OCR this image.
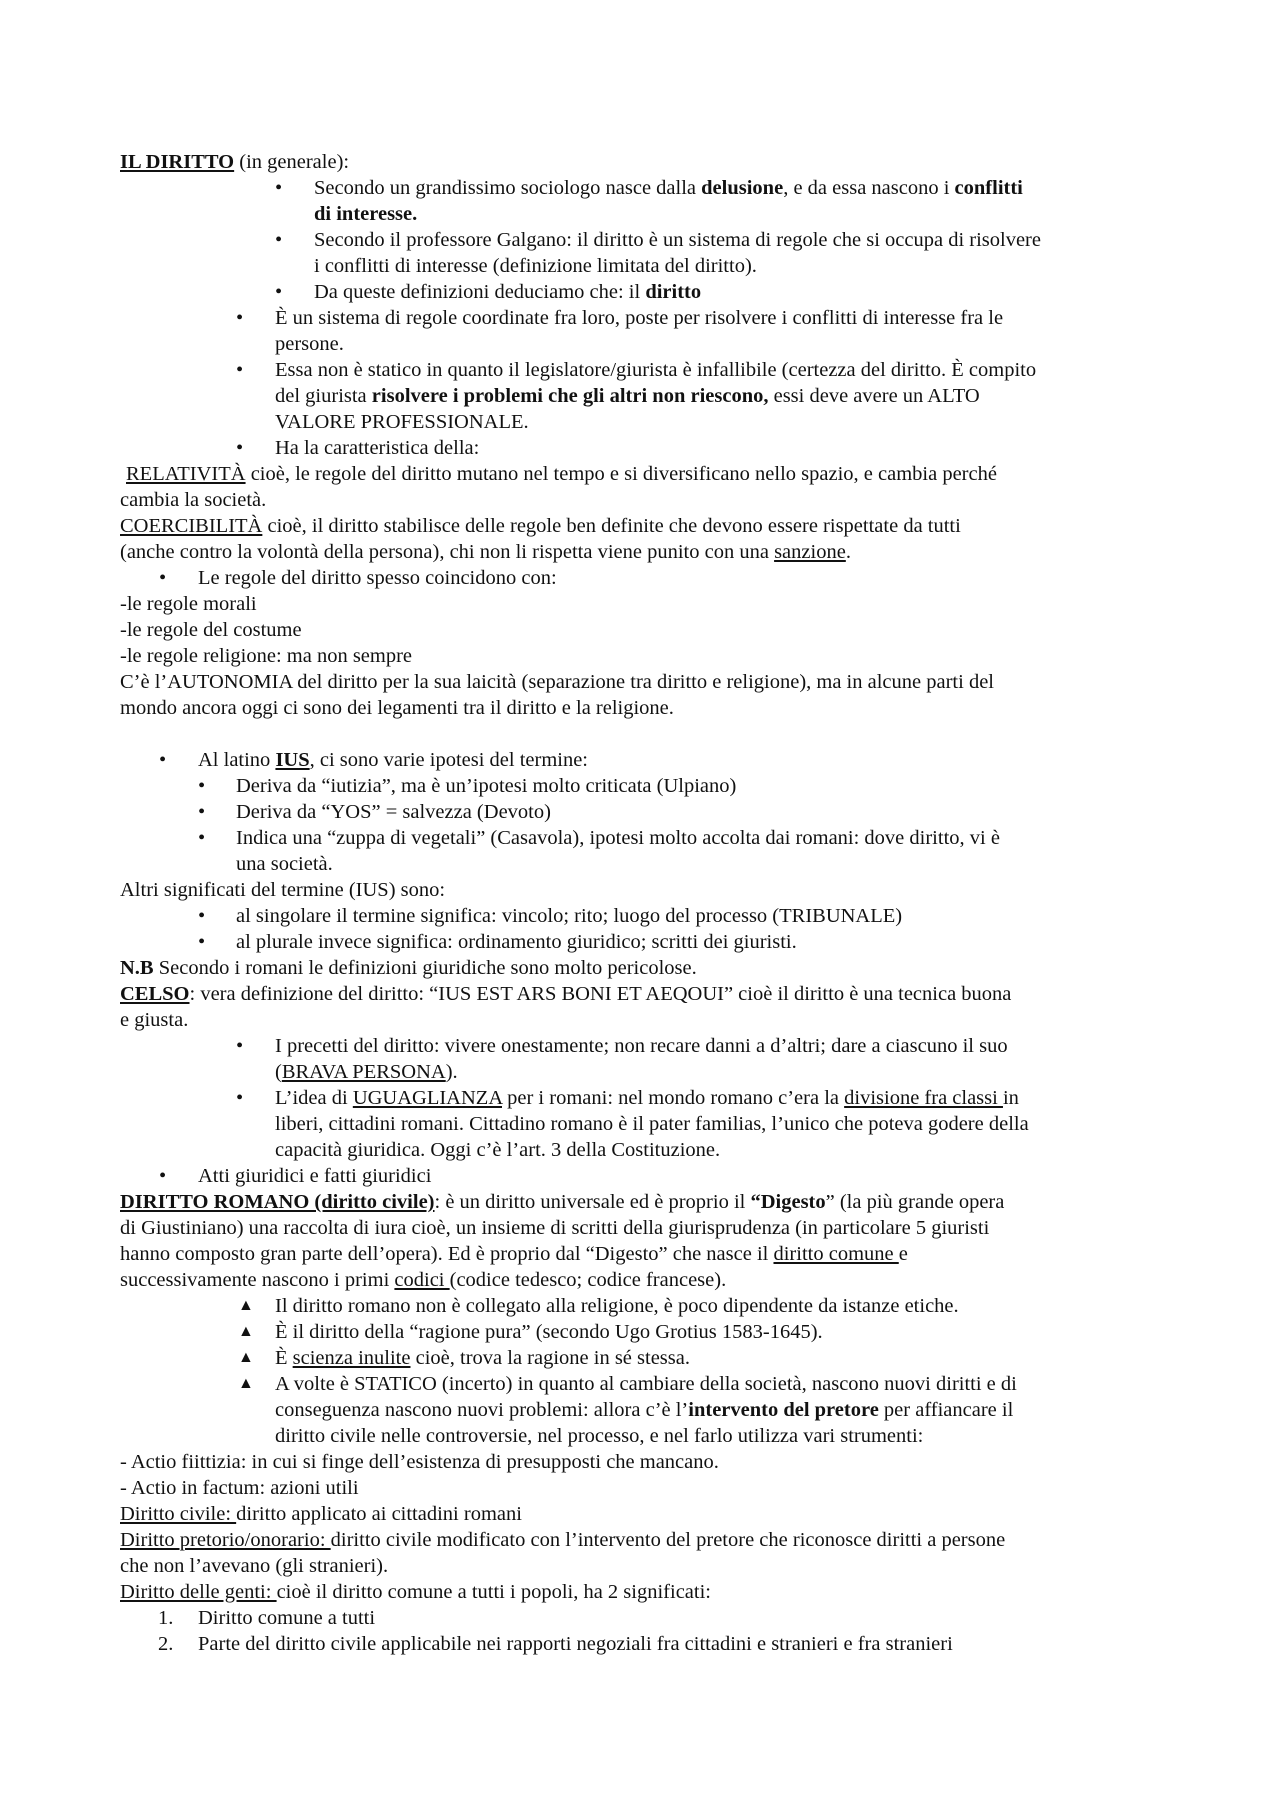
IL DIRITTO (in generale):
• Secondo un grandissimo sociologo nasce dalla delusione, e da essa nascono i conflitti
di interesse.
• Secondo il professore Galgano: il diritto è un sistema di regole che si occupa di risolvere
i conflitti di interesse (definizione limitata del diritto).
• Da queste definizioni deduciamo che: il diritto
• È un sistema di regole coordinate fra loro, poste per risolvere i conflitti di interesse fra le
persone.
• Essa non è statico in quanto il legislatore/giurista è infallibile (certezza del diritto. È compito
del giurista risolvere i problemi che gli altri non riescono, essi deve avere un ALTO
VALORE PROFESSIONALE.
• Ha la caratteristica della:
RELATIVITÀ cioè, le regole del diritto mutano nel tempo e si diversificano nello spazio, e cambia perché
cambia la società.
COERCIBILITÀ cioè, il diritto stabilisce delle regole ben definite che devono essere rispettate da tutti
(anche contro la volontà della persona), chi non li rispetta viene punito con una sanzione.
• Le regole del diritto spesso coincidono con:
-le regole morali
-le regole del costume
-le regole religione: ma non sempre
C’è l’AUTONOMIA del diritto per la sua laicità (separazione tra diritto e religione), ma in alcune parti del
mondo ancora oggi ci sono dei legamenti tra il diritto e la religione.
• Al latino IUS, ci sono varie ipotesi del termine:
• Deriva da “iutizia”, ma è un’ipotesi molto criticata (Ulpiano)
• Deriva da “YOS” = salvezza (Devoto)
• Indica una “zuppa di vegetali” (Casavola), ipotesi molto accolta dai romani: dove diritto, vi è
una società.
Altri significati del termine (IUS) sono:
• al singolare il termine significa: vincolo; rito; luogo del processo (TRIBUNALE)
• al plurale invece significa: ordinamento giuridico; scritti dei giuristi.
N.B Secondo i romani le definizioni giuridiche sono molto pericolose.
CELSO: vera definizione del diritto: “IUS EST ARS BONI ET AEQOUI” cioè il diritto è una tecnica buona
e giusta.
• I precetti del diritto: vivere onestamente; non recare danni a d’altri; dare a ciascuno il suo
(BRAVA PERSONA).
• L’idea di UGUAGLIANZA per i romani: nel mondo romano c’era la divisione fra classi in
liberi, cittadini romani. Cittadino romano è il pater familias, l’unico che poteva godere della
capacità giuridica. Oggi c’è l’art. 3 della Costituzione.
• Atti giuridici e fatti giuridici
DIRITTO ROMANO (diritto civile): è un diritto universale ed è proprio il “Digesto” (la più grande opera
di Giustiniano) una raccolta di iura cioè, un insieme di scritti della giurisprudenza (in particolare 5 giuristi
hanno composto gran parte dell’opera). Ed è proprio dal “Digesto” che nasce il diritto comune e
successivamente nascono i primi codici (codice tedesco; codice francese).
▲ Il diritto romano non è collegato alla religione, è poco dipendente da istanze etiche.
▲ È il diritto della “ragione pura” (secondo Ugo Grotius 1583-1645).
▲ È scienza inulite cioè, trova la ragione in sé stessa.
▲ A volte è STATICO (incerto) in quanto al cambiare della società, nascono nuovi diritti e di
conseguenza nascono nuovi problemi: allora c’è l’intervento del pretore per affiancare il
diritto civile nelle controversie, nel processo, e nel farlo utilizza vari strumenti:
- Actio fiittizia: in cui si finge dell’esistenza di presupposti che mancano.
- Actio in factum: azioni utili
Diritto civile: diritto applicato ai cittadini romani
Diritto pretorio/onorario: diritto civile modificato con l’intervento del pretore che riconosce diritti a persone
che non l’avevano (gli stranieri).
Diritto delle genti: cioè il diritto comune a tutti i popoli, ha 2 significati:
1. Diritto comune a tutti
2. Parte del diritto civile applicabile nei rapporti negoziali fra cittadini e stranieri e fra stranieri
